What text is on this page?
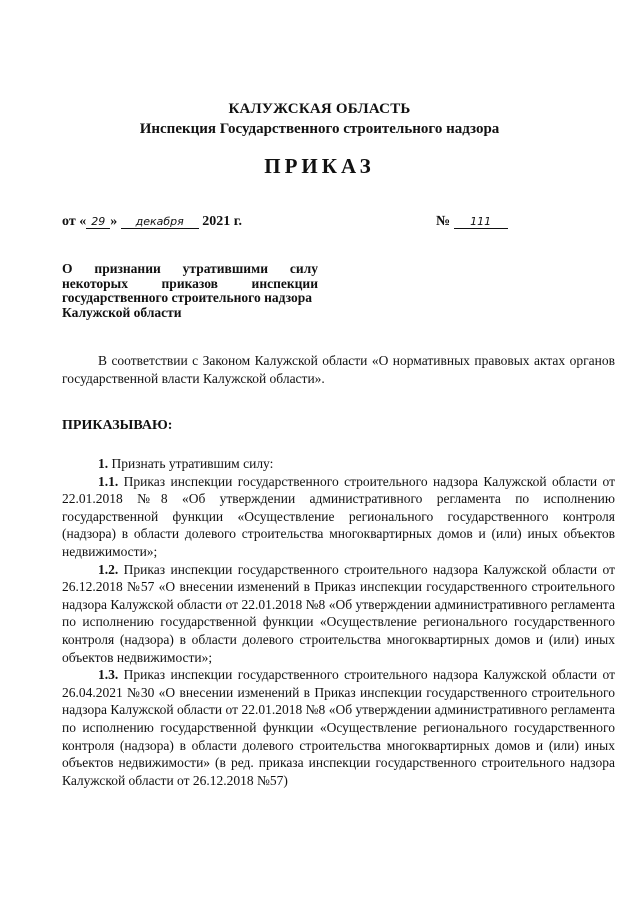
КАЛУЖСКАЯ ОБЛАСТЬ
Инспекция Государственного строительного надзора
ПРИКАЗ
от « 29 » декабря 2021 г.	№ 111
О признании утратившими силу
некоторых приказов инспекции
государственного строительного надзора
Калужской области
В соответствии с Законом Калужской области «О нормативных правовых актах органов государственной власти Калужской области».
ПРИКАЗЫВАЮ:

1. Признать утратившим силу:

1.1. Приказ инспекции государственного строительного надзора Калужской области от 22.01.2018 №8 «Об утверждении административного регламента по исполнению государственной функции «Осуществление регионального государственного контроля (надзора) в области долевого строительства многоквартирных домов и (или) иных объектов недвижимости»;

1.2. Приказ инспекции государственного строительного надзора Калужской области от 26.12.2018 №57 «О внесении изменений в Приказ инспекции государственного строительного надзора Калужской области от 22.01.2018 №8 «Об утверждении административного регламента по исполнению государственной функции «Осуществление регионального государственного контроля (надзора) в области долевого строительства многоквартирных домов и (или) иных объектов недвижимости»;

1.3. Приказ инспекции государственного строительного надзора Калужской области от 26.04.2021 №30 «О внесении изменений в Приказ инспекции государственного строительного надзора Калужской области от 22.01.2018 №8 «Об утверждении административного регламента по исполнению государственной функции «Осуществление регионального государственного контроля (надзора) в области долевого строительства многоквартирных домов и (или) иных объектов недвижимости» (в ред. приказа инспекции государственного строительного надзора Калужской области от 26.12.2018 №57)
